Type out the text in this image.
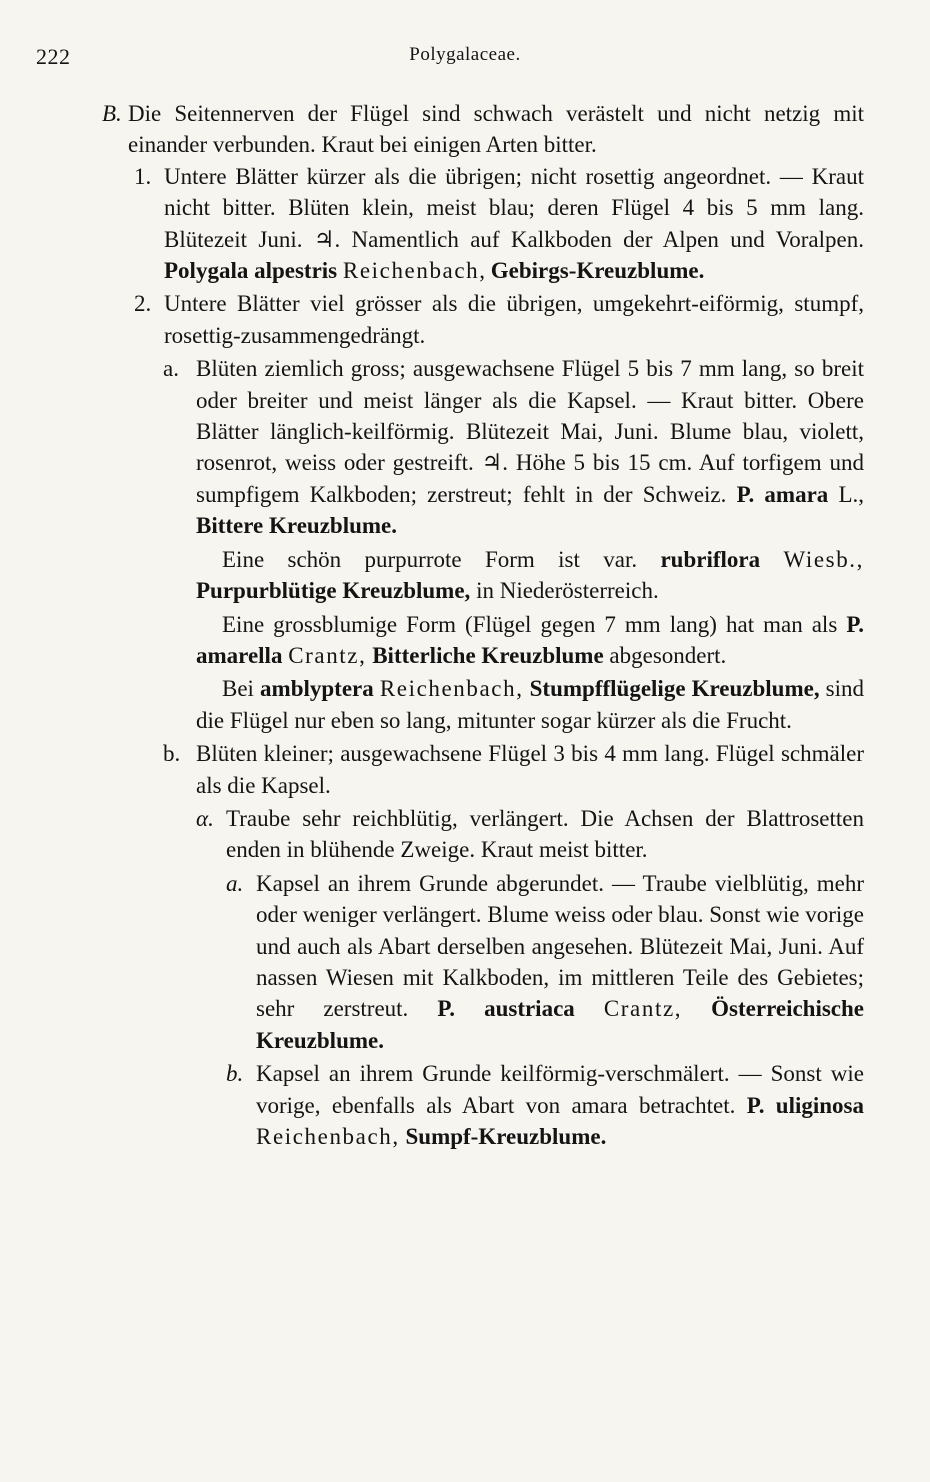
222	Polygalaceae.

B. Die Seitennerven der Flügel sind schwach verästelt und nicht netzig mit einander verbunden. Kraut bei einigen Arten bitter.

1. Untere Blätter kürzer als die übrigen; nicht rosettig angeordnet. — Kraut nicht bitter. Blüten klein, meist blau; deren Flügel 4 bis 5 mm lang. Blütezeit Juni. ♃. Namentlich auf Kalkboden der Alpen und Voralpen. Polygala alpestris Reichenbach, Gebirgs-Kreuzblume.

2. Untere Blätter viel grösser als die übrigen, umgekehrt-eiförmig, stumpf, rosettig-zusammengedrängt.

a. Blüten ziemlich gross; ausgewachsene Flügel 5 bis 7 mm lang, so breit oder breiter und meist länger als die Kapsel. — Kraut bitter. Obere Blätter länglich-keilförmig. Blütezeit Mai, Juni. Blume blau, violett, rosenrot, weiss oder gestreift. ♃. Höhe 5 bis 15 cm. Auf torfigem und sumpfigem Kalkboden; zerstreut; fehlt in der Schweiz. P. amara L., Bittere Kreuzblume.

Eine schön purpurrote Form ist var. rubriflora Wiesb., Purpurblütige Kreuzblume, in Niederösterreich.

Eine grossblumige Form (Flügel gegen 7 mm lang) hat man als P. amarella Crantz, Bitterliche Kreuzblume abgesondert.

Bei amblyptera Reichenbach, Stumpfflügelige Kreuzblume, sind die Flügel nur eben so lang, mitunter sogar kürzer als die Frucht.

b. Blüten kleiner; ausgewachsene Flügel 3 bis 4 mm lang. Flügel schmäler als die Kapsel.

α. Traube sehr reichblütig, verlängert. Die Achsen der Blattrosetten enden in blühende Zweige. Kraut meist bitter.

a. Kapsel an ihrem Grunde abgerundet. — Traube vielblütig, mehr oder weniger verlängert. Blume weiss oder blau. Sonst wie vorige und auch als Abart derselben angesehen. Blütezeit Mai, Juni. Auf nassen Wiesen mit Kalkboden, im mittleren Teile des Gebietes; sehr zerstreut. P. austriaca Crantz, Österreichische Kreuzblume.

b. Kapsel an ihrem Grunde keilförmig-verschmälert. — Sonst wie vorige, ebenfalls als Abart von amara betrachtet. P. uliginosa Reichenbach, Sumpf-Kreuzblume.
